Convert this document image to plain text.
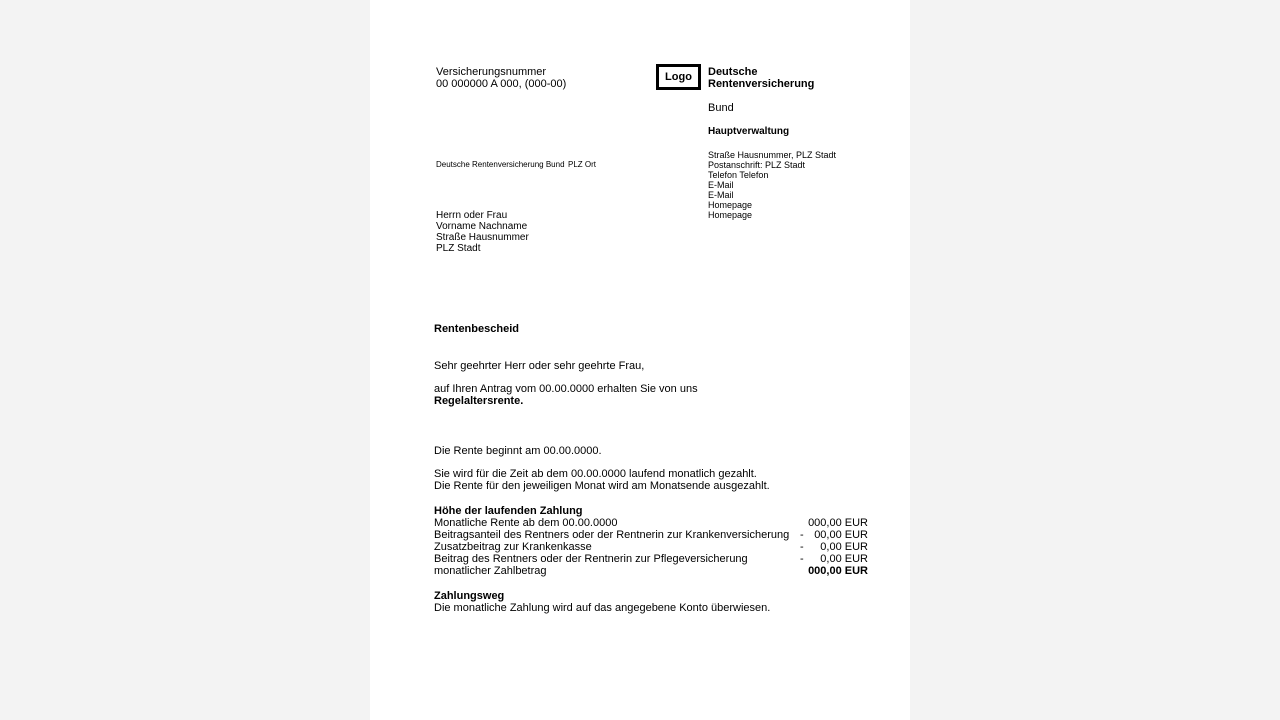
Versicherungsnummer
00 000000 A 000, (000-00)
Logo Deutsche
Rentenversicherung
Bund
Hauptverwaltung
Straße Hausnummer, PLZ Stadt
Postanschrift: PLZ Stadt
Telefon Telefon
E-Mail
E-Mail
Homepage
Homepage
Deutsche Rentenversicherung Bund PLZ Ort
Herrn oder Frau
Vorname Nachname
Straße Hausnummer
PLZ Stadt
Rentenbescheid
Sehr geehrter Herr oder sehr geehrte Frau,
auf Ihren Antrag vom 00.00.0000 erhalten Sie von uns
Regelaltersrente.
Die Rente beginnt am 00.00.0000.
Sie wird für die Zeit ab dem 00.00.0000 laufend monatlich gezahlt.
Die Rente für den jeweiligen Monat wird am Monatsende ausgezahlt.
Höhe der laufenden Zahlung
Monatliche Rente ab dem 00.00.0000	000,00 EUR
Beitragsanteil des Rentners oder der Rentnerin zur Krankenversicherung - 00,00 EUR
Zusatzbeitrag zur Krankenkasse	- 0,00 EUR
Beitrag des Rentners oder der Rentnerin zur Pflegeversicherung	- 0,00 EUR
monatlicher Zahlbetrag	000,00 EUR
Zahlungsweg
Die monatliche Zahlung wird auf das angegebene Konto überwiesen.
